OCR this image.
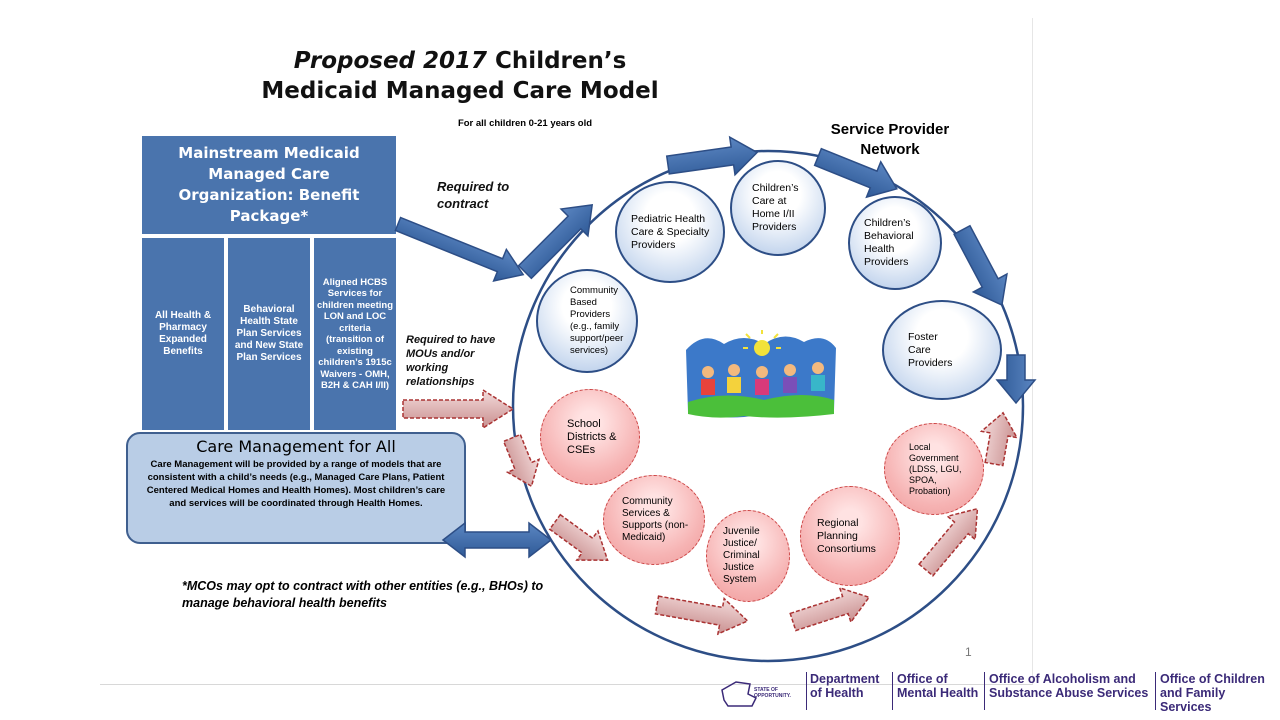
Proposed 2017 Children’s
Medicaid Managed Care Model
For all children 0-21 years old
Mainstream Medicaid Managed Care Organization: Benefit Package*
All Health & Pharmacy Expanded Benefits
Behavioral Health State Plan Services and New State Plan Services
Aligned HCBS Services for children meeting LON and LOC criteria (transition of existing children’s 1915c Waivers - OMH, B2H & CAH I/II)
Care Management for All
Care Management will be provided by a range of models that are consistent with a child’s needs (e.g., Managed Care Plans, Patient Centered Medical Homes and Health Homes). Most children’s care and services will be coordinated through Health Homes.
Required to contract
Required to have MOUs and/or working relationships
Service Provider Network
Pediatric Health Care & Specialty Providers
Children’s Care at Home I/II Providers	Children’s Behavioral Health Providers
Foster Care Providers
Community Based Providers (e.g., family support/peer services)
School Districts & CSEs
Community Services & Supports (non-Medicaid)
Juvenile Justice/ Criminal Justice System
Regional Planning Consortiums
Local Government (LDSS, LGU, SPOA, Probation)
*MCOs may opt to contract with other entities (e.g., BHOs) to manage behavioral health benefits
1
STATE OF OPPORTUNITY.
Department of Health
Office of Mental Health
Office of Alcoholism and Substance Abuse Services
Office of Children and Family Services
